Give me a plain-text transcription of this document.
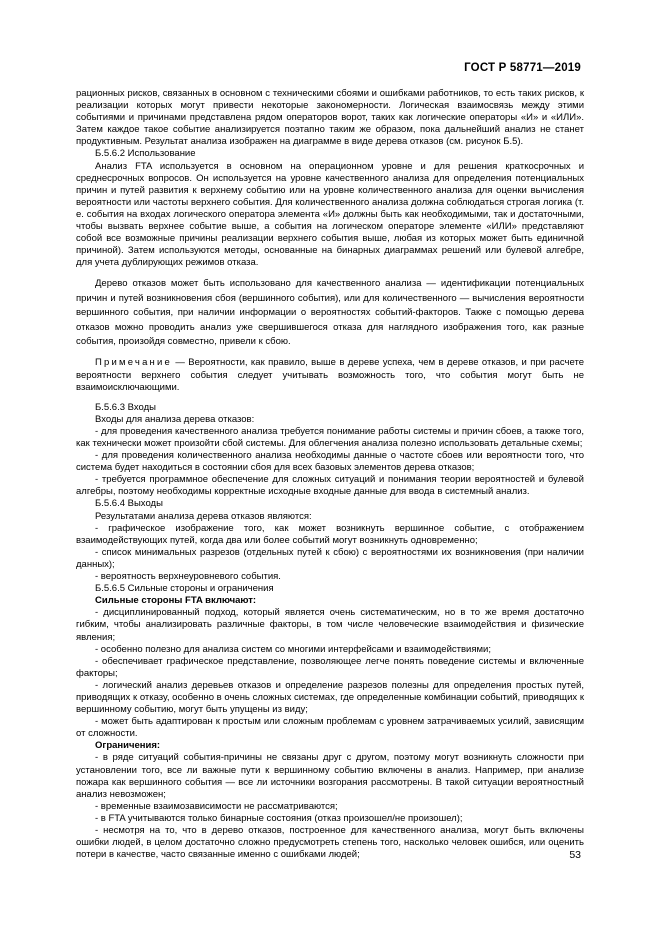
ГОСТ Р 58771—2019

рационных рисков, связанных в основном с техническими сбоями и ошибками работников, то есть таких рисков, к реализации которых могут привести некоторые закономерности. Логическая взаимосвязь между этими событиями и причинами представлена рядом операторов ворот, таких как логические операторы «И» и «ИЛИ». Затем каждое такое событие анализируется поэтапно таким же образом, пока дальнейший анализ не станет продуктивным. Результат анализа изображен на диаграмме в виде дерева отказов (см. рисунок Б.5).

Б.5.6.2 Использование

Анализ FTA используется в основном на операционном уровне и для решения краткосрочных и среднесрочных вопросов. Он используется на уровне качественного анализа для определения потенциальных причин и путей развития к верхнему событию или на уровне количественного анализа для оценки вычисления вероятности или частоты верхнего события. Для количественного анализа должна соблюдаться строгая логика (т. е. события на входах логического оператора элемента «И» должны быть как необходимыми, так и достаточными, чтобы вызвать верхнее событие выше, а события на логическом операторе элементе «ИЛИ» представляют собой все возможные причины реализации верхнего события выше, любая из которых может быть единичной причиной). Затем используются методы, основанные на бинарных диаграммах решений или булевой алгебре, для учета дублирующих режимов отказа.

Дерево отказов может быть использовано для качественного анализа — идентификации потенциальных причин и путей возникновения сбоя (вершинного события), или для количественного — вычисления вероятности вершинного события, при наличии информации о вероятностях событий-факторов. Также с помощью дерева отказов можно проводить анализ уже свершившегося отказа для наглядного изображения того, как разные события, произойдя совместно, привели к сбою.

Примечание — Вероятности, как правило, выше в дереве успеха, чем в дереве отказов, и при расчете вероятности верхнего события следует учитывать возможность того, что события могут быть не взаимоисключающими.

Б.5.6.3 Входы

Входы для анализа дерева отказов:

- для проведения качественного анализа требуется понимание работы системы и причин сбоев, а также того, как технически может произойти сбой системы. Для облегчения анализа полезно использовать детальные схемы;

- для проведения количественного анализа необходимы данные о частоте сбоев или вероятности того, что система будет находиться в состоянии сбоя для всех базовых элементов дерева отказов;

- требуется программное обеспечение для сложных ситуаций и понимания теории вероятностей и булевой алгебры, поэтому необходимы корректные исходные входные данные для ввода в системный анализ.

Б.5.6.4 Выходы

Результатами анализа дерева отказов являются:

- графическое изображение того, как может возникнуть вершинное событие, с отображением взаимодействующих путей, когда два или более событий могут возникнуть одновременно;

- список минимальных разрезов (отдельных путей к сбою) с вероятностями их возникновения (при наличии данных);

- вероятность верхнеуровневого события.

Б.5.6.5 Сильные стороны и ограничения

Сильные стороны FTA включают:

- дисциплинированный подход, который является очень систематическим, но в то же время достаточно гибким, чтобы анализировать различные факторы, в том числе человеческие взаимодействия и физические явления;

- особенно полезно для анализа систем со многими интерфейсами и взаимодействиями;

- обеспечивает графическое представление, позволяющее легче понять поведение системы и включенные факторы;

- логический анализ деревьев отказов и определение разрезов полезны для определения простых путей, приводящих к отказу, особенно в очень сложных системах, где определенные комбинации событий, приводящих к вершинному событию, могут быть упущены из виду;

- может быть адаптирован к простым или сложным проблемам с уровнем затрачиваемых усилий, зависящим от сложности.

Ограничения:

- в ряде ситуаций события-причины не связаны друг с другом, поэтому могут возникнуть сложности при установлении того, все ли важные пути к вершинному событию включены в анализ. Например, при анализе пожара как вершинного события — все ли источники возгорания рассмотрены. В такой ситуации вероятностный анализ невозможен;

- временные взаимозависимости не рассматриваются;

- в FTA учитываются только бинарные состояния (отказ произошел/не произошел);

- несмотря на то, что в дерево отказов, построенное для качественного анализа, могут быть включены ошибки людей, в целом достаточно сложно предусмотреть степень того, насколько человек ошибся, или оценить потери в качестве, часто связанные именно с ошибками людей;	53
